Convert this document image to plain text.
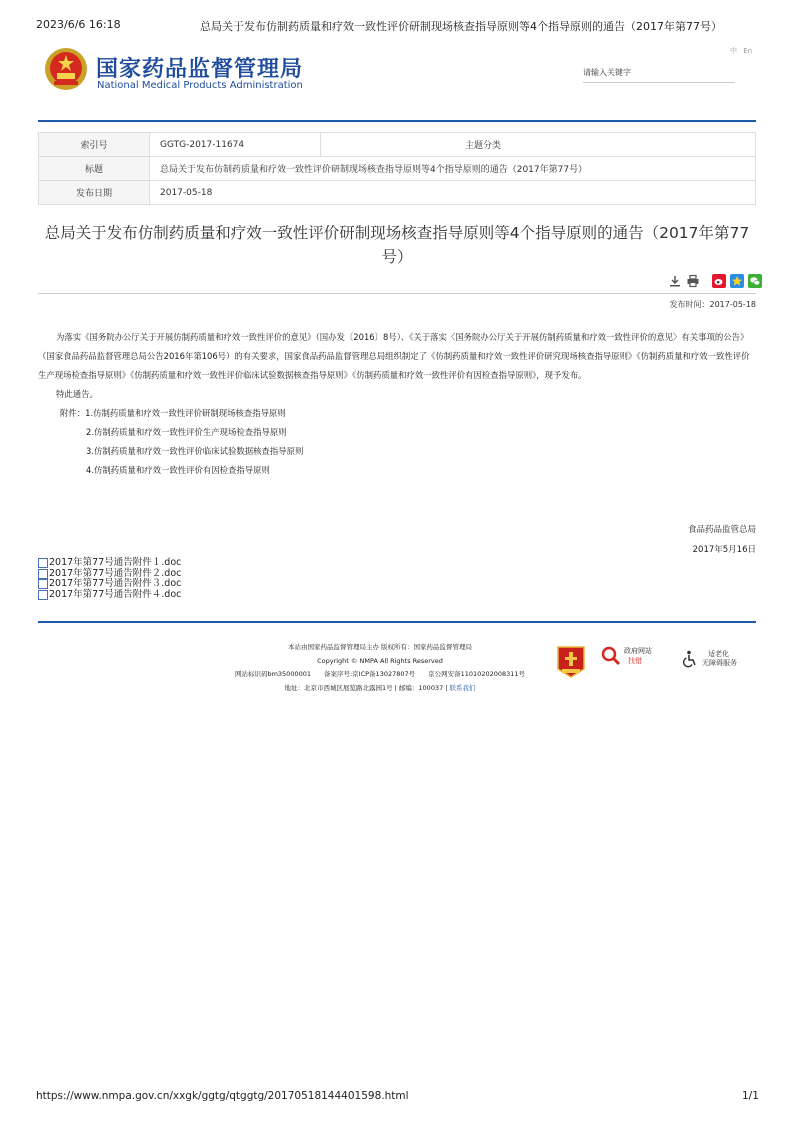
2023/6/6 16:18	总局关于发布仿制药质量和疗效一致性评价研制现场核查指导原则等4个指导原则的通告（2017年第77号）
国家药品监督管理局
National Medical Products Administration
中 En
请输入关键字
索引号	GGTG-2017-11674	主题分类	
标题	总局关于发布仿制药质量和疗效一致性评价研制现场核查指导原则等4个指导原则的通告（2017年第77号）		
发布日期	2017-05-18		
总局关于发布仿制药质量和疗效一致性评价研制现场核查指导原则等4个指导原则的通告（2017年第77号）
发布时间：2017-05-18

为落实《国务院办公厅关于开展仿制药质量和疗效一致性评价的意见》（国办发〔2016〕8号）、《关于落实〈国务院办公厅关于开展仿制药质量和疗效一致性评价的意见〉有关事项的公告》（国家食品药品监督管理总局公告2016年第106号）的有关要求，国家食品药品监督管理总局组织制定了《仿制药质量和疗效一致性评价研究现场核查指导原则》《仿制药质量和疗效一致性评价生产现场检查指导原则》《仿制药质量和疗效一致性评价临床试验数据核查指导原则》《仿制药质量和疗效一致性评价有因检查指导原则》，现予发布。

特此通告。

附件：1.仿制药质量和疗效一致性评价研制现场核查指导原则

2.仿制药质量和疗效一致性评价生产现场检查指导原则

3.仿制药质量和疗效一致性评价临床试验数据核查指导原则

4.仿制药质量和疗效一致性评价有因检查指导原则

食品药品监管总局
2017年5月16日
2017年第77号通告附件１.doc
2017年第77号通告附件２.doc
2017年第77号通告附件３.doc
2017年第77号通告附件４.doc
本站由国家药品监督管理局主办 版权所有：国家药品监督管理局
Copyright © NMPA All Rights Reserved
网站标识码bm35000001　　备案序号:京ICP备13027807号　　京公网安备11010202008311号
地址：北京市西城区展览路北露园1号 | 邮编：100037 | 联系我们
政府网站
找错
适老化
无障碍服务
https://www.nmpa.gov.cn/xxgk/ggtg/qtggtg/20170518144401598.html	1/1
